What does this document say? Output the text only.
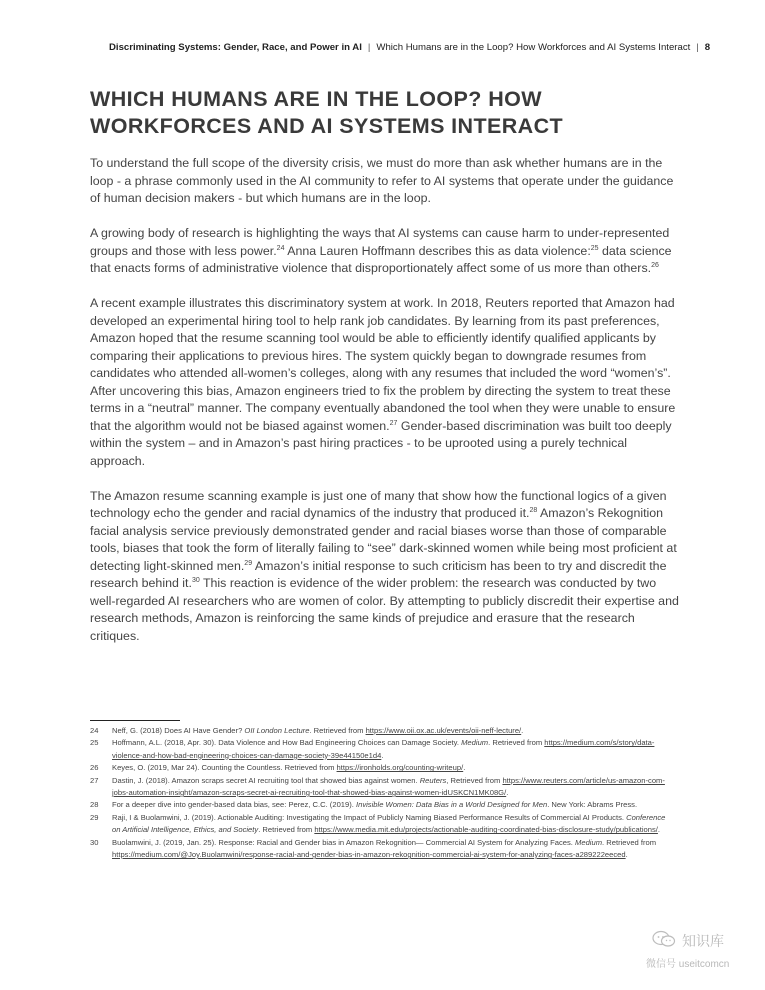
Discriminating Systems: Gender, Race, and Power in AI | Which Humans are in the Loop? How Workforces and AI Systems Interact | 8
WHICH HUMANS ARE IN THE LOOP? HOW
WORKFORCES AND AI SYSTEMS INTERACT

To understand the full scope of the diversity crisis, we must do more than ask whether humans are in the loop - a phrase commonly used in the AI community to refer to AI systems that operate under the guidance of human decision makers - but which humans are in the loop.

A growing body of research is highlighting the ways that AI systems can cause harm to under-represented groups and those with less power.$^{24}$ Anna Lauren Hoffmann describes this as data violence:$^{25}$ data science that enacts forms of administrative violence that disproportionately affect some of us more than others.$^{26}$

A recent example illustrates this discriminatory system at work. In 2018, Reuters reported that Amazon had developed an experimental hiring tool to help rank job candidates. By learning from its past preferences, Amazon hoped that the resume scanning tool would be able to efficiently identify qualified applicants by comparing their applications to previous hires. The system quickly began to downgrade resumes from candidates who attended all-women’s colleges, along with any resumes that included the word “women’s”. After uncovering this bias, Amazon engineers tried to fix the problem by directing the system to treat these terms in a “neutral” manner. The company eventually abandoned the tool when they were unable to ensure that the algorithm would not be biased against women.$^{27}$ Gender-based discrimination was built too deeply within the system – and in Amazon’s past hiring practices - to be uprooted using a purely technical approach.

The Amazon resume scanning example is just one of many that show how the functional logics of a given technology echo the gender and racial dynamics of the industry that produced it.$^{28}$ Amazon’s Rekognition facial analysis service previously demonstrated gender and racial biases worse than those of comparable tools, biases that took the form of literally failing to “see” dark-skinned women while being most proficient at detecting light-skinned men.$^{29}$ Amazon’s initial response to such criticism has been to try and discredit the research behind it.$^{30}$ This reaction is evidence of the wider problem: the research was conducted by two well-regarded AI researchers who are women of color. By attempting to publicly discredit their expertise and research methods, Amazon is reinforcing the same kinds of prejudice and erasure that the research critiques.

24	Neff, G. (2018) Does AI Have Gender? OII London Lecture. Retrieved from https://www.oii.ox.ac.uk/events/oii-neff-lecture/.
25	Hoffmann, A.L. (2018, Apr. 30). Data Violence and How Bad Engineering Choices can Damage Society. Medium. Retrieved from https://medium.com/s/story/data-violence-and-how-bad-engineering-choices-can-damage-society-39e44150e1d4.
26	Keyes, O. (2019, Mar 24). Counting the Countless. Retrieved from https://ironholds.org/counting-writeup/.
27	Dastin, J. (2018). Amazon scraps secret AI recruiting tool that showed bias against women. Reuters, Retrieved from https://www.reuters.com/article/us-amazon-com-jobs-automation-insight/amazon-scraps-secret-ai-recruiting-tool-that-showed-bias-against-women-idUSKCN1MK08G/.
28	For a deeper dive into gender-based data bias, see: Perez, C.C. (2019). Invisible Women: Data Bias in a World Designed for Men. New York: Abrams Press.
29	Raji, I & Buolamwini, J. (2019). Actionable Auditing: Investigating the Impact of Publicly Naming Biased Performance Results of Commercial AI Products. Conference on Artificial Intelligence, Ethics, and Society. Retrieved from https://www.media.mit.edu/projects/actionable-auditing-coordinated-bias-disclosure-study/publications/.
30	Buolamwini, J. (2019, Jan. 25). Response: Racial and Gender bias in Amazon Rekognition— Commercial AI System for Analyzing Faces. Medium. Retrieved from https://medium.com/@Joy.Buolamwini/response-racial-and-gender-bias-in-amazon-rekognition-commercial-ai-system-for-analyzing-faces-a289222eeced.
知识库
微信号 useitcomcn
